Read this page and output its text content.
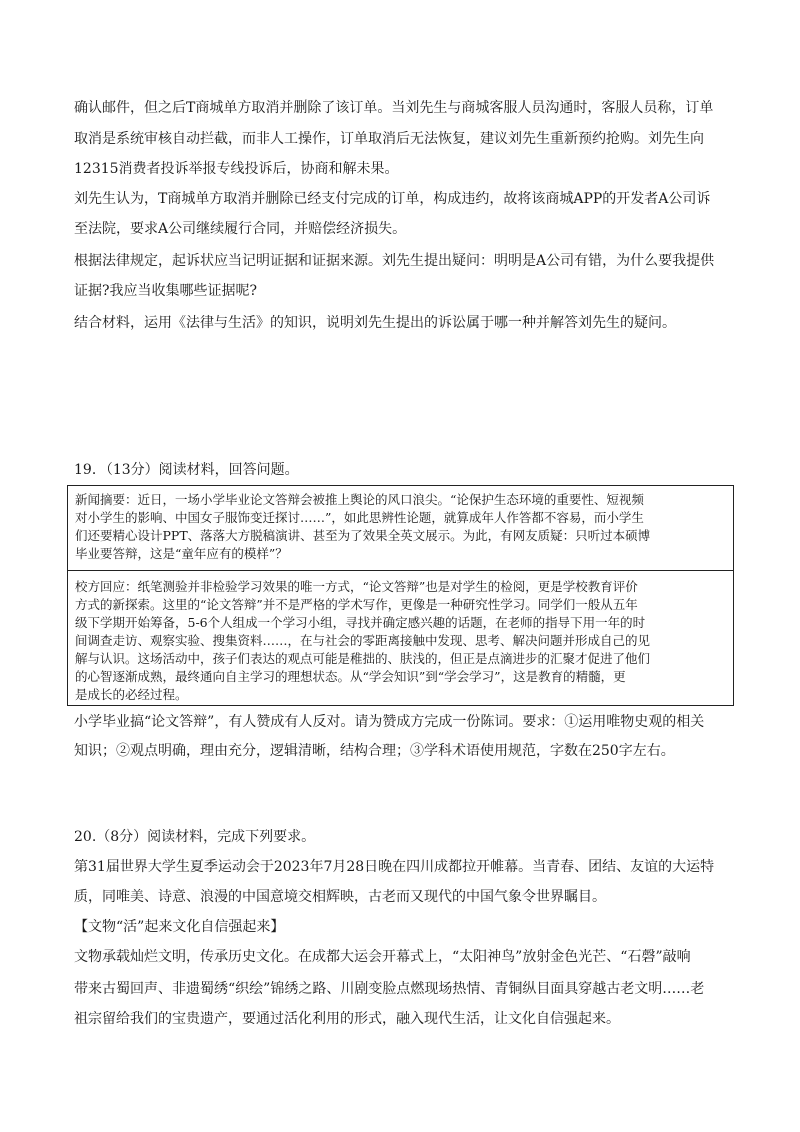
确认邮件，但之后T商城单方取消并删除了该订单。当刘先生与商城客服人员沟通时，客服人员称，订单
取消是系统审核自动拦截，而非人工操作，订单取消后无法恢复，建议刘先生重新预约抢购。刘先生向
12315消费者投诉举报专线投诉后，协商和解未果。
刘先生认为，T商城单方取消并删除已经支付完成的订单，构成违约，故将该商城APP的开发者A公司诉
至法院，要求A公司继续履行合同，并赔偿经济损失。
根据法律规定，起诉状应当记明证据和证据来源。刘先生提出疑问：明明是A公司有错，为什么要我提供
证据?我应当收集哪些证据呢?
结合材料，运用《法律与生活》的知识，说明刘先生提出的诉讼属于哪一种并解答刘先生的疑问。
19．（13分）阅读材料，回答问题。
新闻摘要：近日，一场小学毕业论文答辩会被推上舆论的风口浪尖。“论保护生态环境的重要性、短视频
对小学生的影响、中国女子服饰变迁探讨……”，如此思辨性论题，就算成年人作答都不容易，而小学生
们还要精心设计PPT、落落大方脱稿演讲、甚至为了效果全英文展示。为此，有网友质疑：只听过本硕博
毕业要答辩，这是“童年应有的模样”？
校方回应：纸笔测验并非检验学习效果的唯一方式，“论文答辩”也是对学生的检阅，更是学校教育评价
方式的新探索。这里的“论文答辩”并不是严格的学术写作，更像是一种研究性学习。同学们一般从五年
级下学期开始筹备，5-6个人组成一个学习小组，寻找并确定感兴趣的话题，在老师的指导下用一年的时
间调查走访、观察实验、搜集资料……，在与社会的零距离接触中发现、思考、解决问题并形成自己的见
解与认识。这场活动中，孩子们表达的观点可能是稚拙的、肤浅的，但正是点滴进步的汇聚才促进了他们
的心智逐渐成熟，最终通向自主学习的理想状态。从“学会知识”到“学会学习”，这是教育的精髓，更
是成长的必经过程。
小学毕业搞“论文答辩”，有人赞成有人反对。请为赞成方完成一份陈词。要求：①运用唯物史观的相关
知识；②观点明确，理由充分，逻辑清晰，结构合理；③学科术语使用规范，字数在250字左右。
20.（8分）阅读材料，完成下列要求。
第31届世界大学生夏季运动会于2023年7月28日晚在四川成都拉开帷幕。当青春、团结、友谊的大运特
质，同唯美、诗意、浪漫的中国意境交相辉映，古老而又现代的中国气象令世界瞩目。
【文物“活”起来文化自信强起来】
文物承载灿烂文明，传承历史文化。在成都大运会开幕式上，“太阳神鸟”放射金色光芒、“石磬”敲响
带来古蜀回声、非遗蜀绣“织绘”锦绣之路、川剧变脸点燃现场热情、青铜纵目面具穿越古老文明……老
祖宗留给我们的宝贵遗产，要通过活化利用的形式，融入现代生活，让文化自信强起来。
